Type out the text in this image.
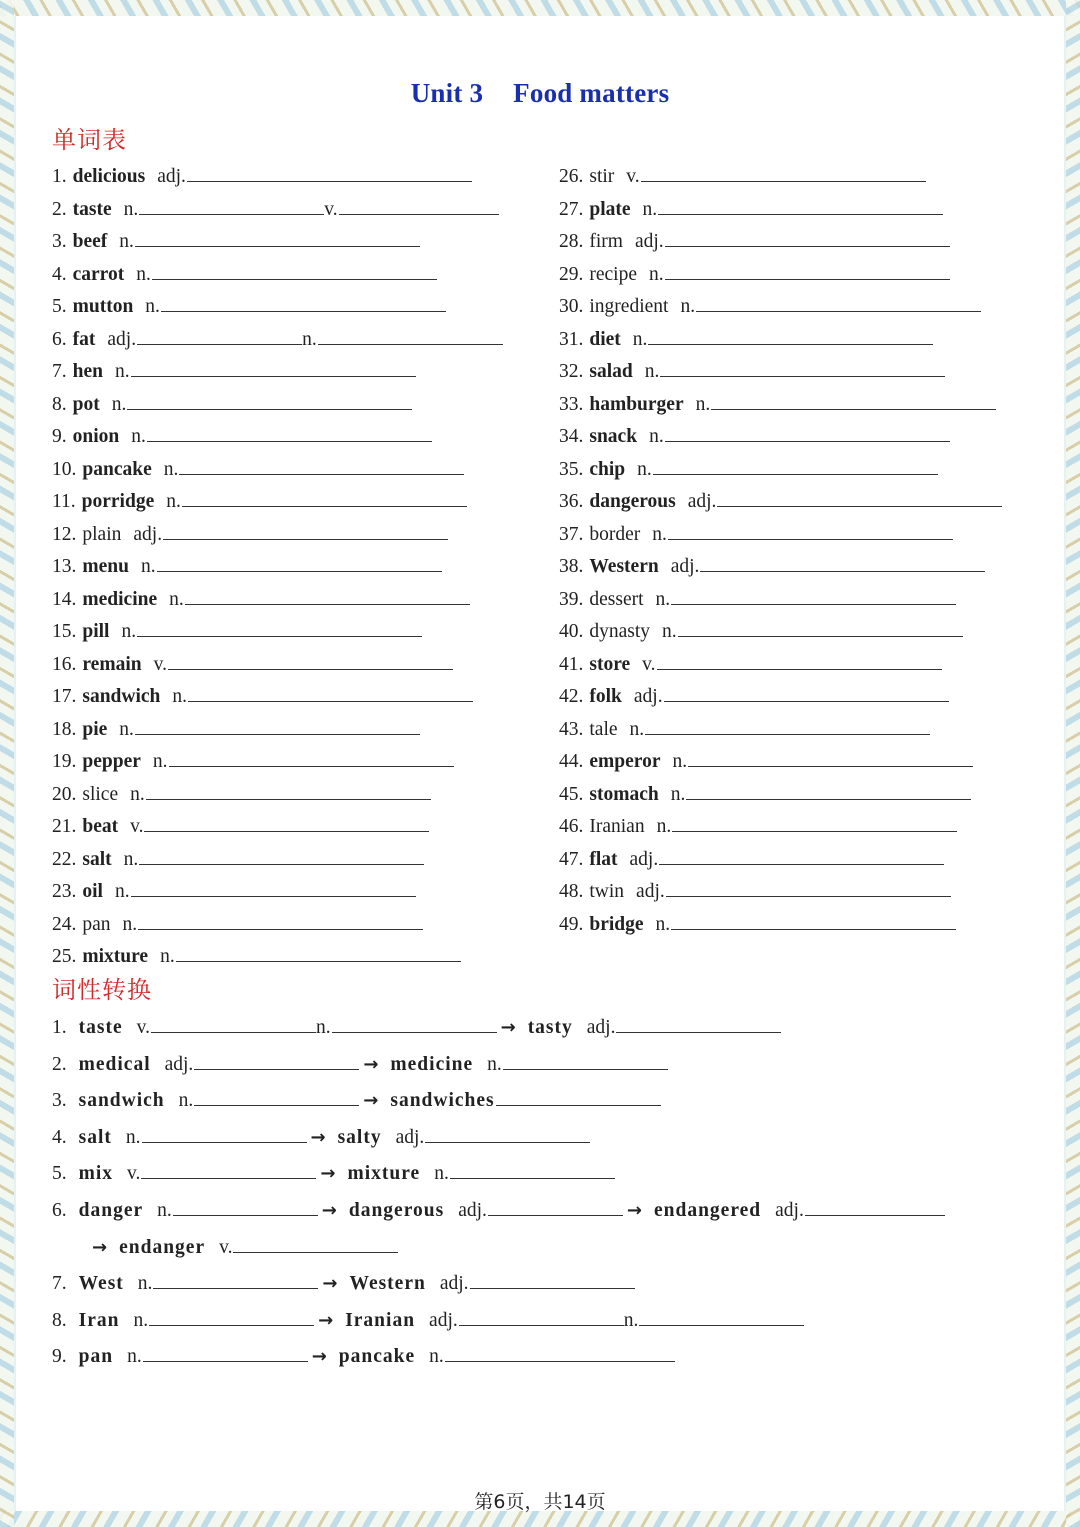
Unit 3 Food matters
单词表
1. delicious adj.
2. taste n.	v.
3. beef n.
4. carrot n.
5. mutton n.
6. fat adj.	n.
7. hen n.
8. pot n.
9. onion n.
10. pancake n.
11. porridge n.
12. plain adj.
13. menu n.
14. medicine n.
15. pill n.
16. remain v.
17. sandwich n.
18. pie n.
19. pepper n.
20. slice n.
21. beat v.
22. salt n.
23. oil n.
24. pan n.
25. mixture n.
26. stir v.
27. plate n.
28. firm adj.
29. recipe n.
30. ingredient n.
31. diet n.
32. salad n.
33. hamburger n.
34. snack n.
35. chip n.
36. dangerous adj.
37. border n.
38. Western adj.
39. dessert n.
40. dynasty n.
41. store v.
42. folk adj.
43. tale n.
44. emperor n.
45. stomach n.
46. Iranian n.
47. flat adj.
48. twin adj.
49. bridge n.
词性转换
1. taste v.	n.	→ tasty adj.
2. medical adj.	→ medicine n.
3. sandwich n.	→ sandwiches
4. salt n.	→ salty adj.
5. mix v.	→ mixture n.
6. danger n.	→ dangerous adj.	→ endangered adj.
→ endanger v.
7. West n.	→ Western adj.
8. Iran n.	→ Iranian adj.	n.
9. pan n.	→ pancake n.
第6页，共14页
